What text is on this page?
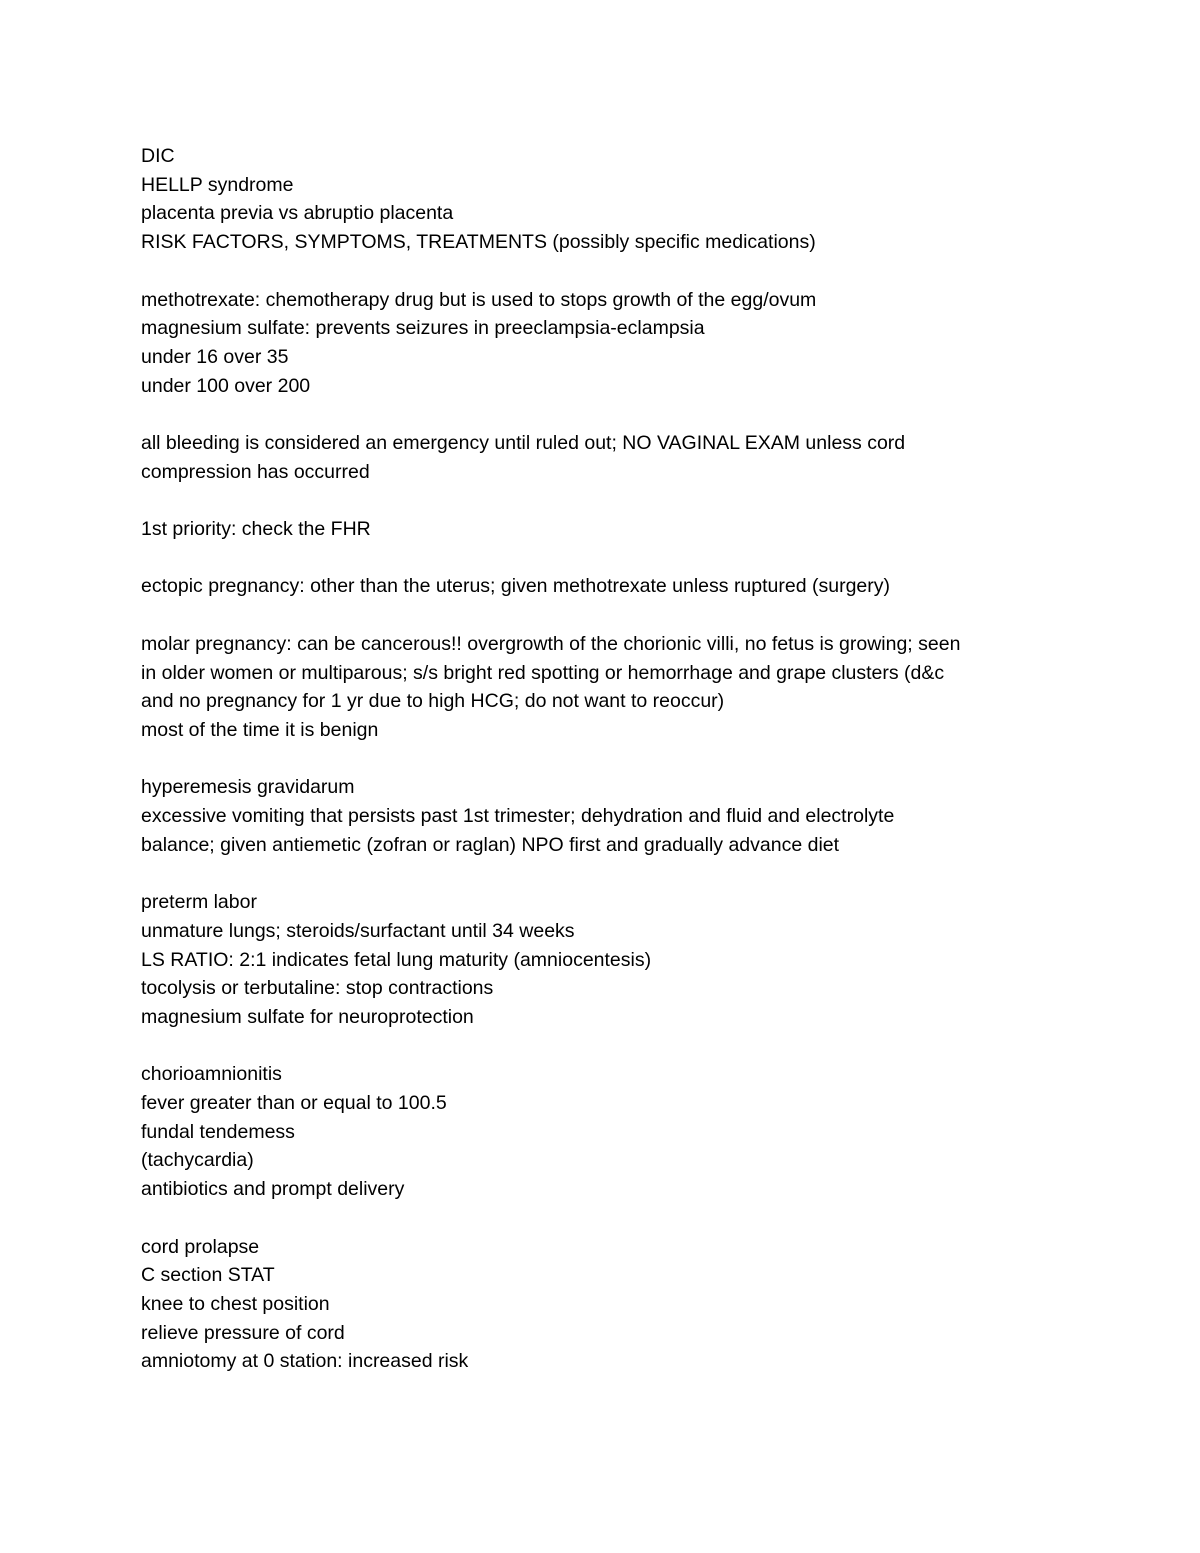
DIC
HELLP syndrome
placenta previa vs abruptio placenta
RISK FACTORS, SYMPTOMS, TREATMENTS (possibly specific medications)
methotrexate: chemotherapy drug but is used to stops growth of the egg/ovum
magnesium sulfate: prevents seizures in preeclampsia-eclampsia
under 16 over 35
under 100 over 200
all bleeding is considered an emergency until ruled out; NO VAGINAL EXAM unless cord
compression has occurred
1st priority: check the FHR
ectopic pregnancy: other than the uterus; given methotrexate unless ruptured (surgery)
molar pregnancy: can be cancerous!! overgrowth of the chorionic villi, no fetus is growing; seen
in older women or multiparous; s/s bright red spotting or hemorrhage and grape clusters (d&c
and no pregnancy for 1 yr due to high HCG; do not want to reoccur)
most of the time it is benign
hyperemesis gravidarum
excessive vomiting that persists past 1st trimester; dehydration and fluid and electrolyte
balance; given antiemetic (zofran or raglan) NPO first and gradually advance diet
preterm labor
unmature lungs; steroids/surfactant until 34 weeks
LS RATIO: 2:1 indicates fetal lung maturity (amniocentesis)
tocolysis or terbutaline: stop contractions
magnesium sulfate for neuroprotection
chorioamnionitis
fever greater than or equal to 100.5
fundal tendemess
(tachycardia)
antibiotics and prompt delivery
cord prolapse
C section STAT
knee to chest position
relieve pressure of cord
amniotomy at 0 station: increased risk
